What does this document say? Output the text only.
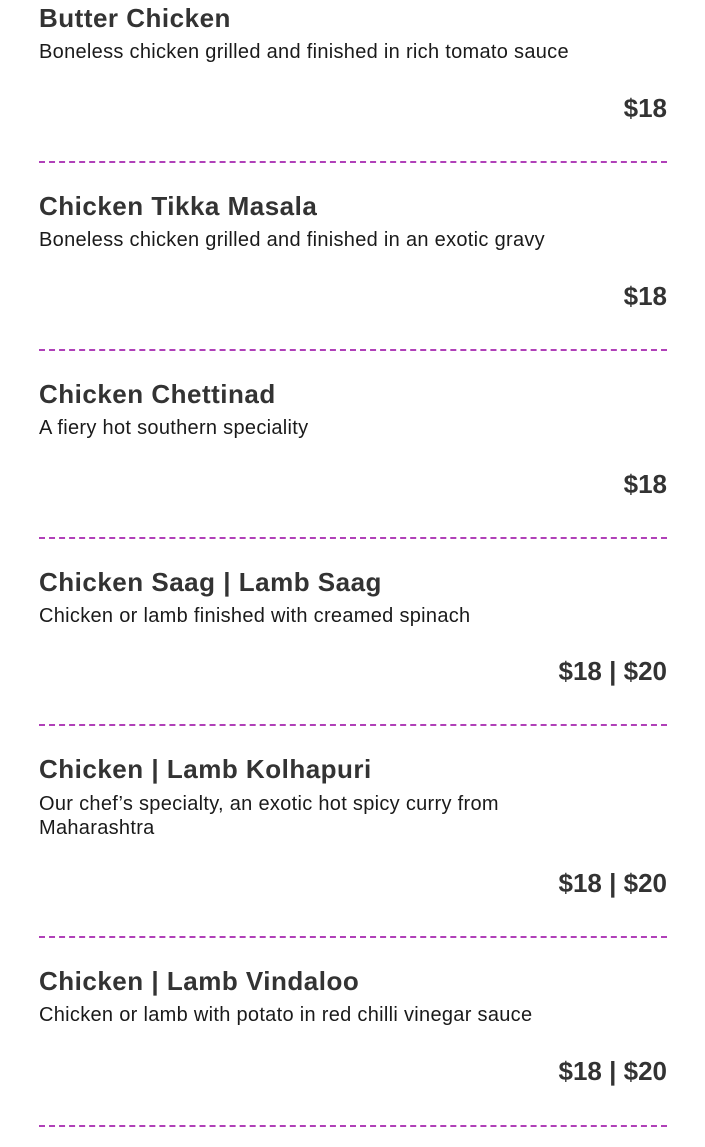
Butter Chicken
Boneless chicken grilled and finished in rich tomato sauce
$18
Chicken Tikka Masala
Boneless chicken grilled and finished in an exotic gravy
$18
Chicken Chettinad
A fiery hot southern speciality
$18
Chicken Saag | Lamb Saag
Chicken or lamb finished with creamed spinach
$18 | $20
Chicken | Lamb Kolhapuri
Our chef’s specialty, an exotic hot spicy curry from Maharashtra
$18 | $20
Chicken | Lamb Vindaloo
Chicken or lamb with potato in red chilli vinegar sauce
$18 | $20
